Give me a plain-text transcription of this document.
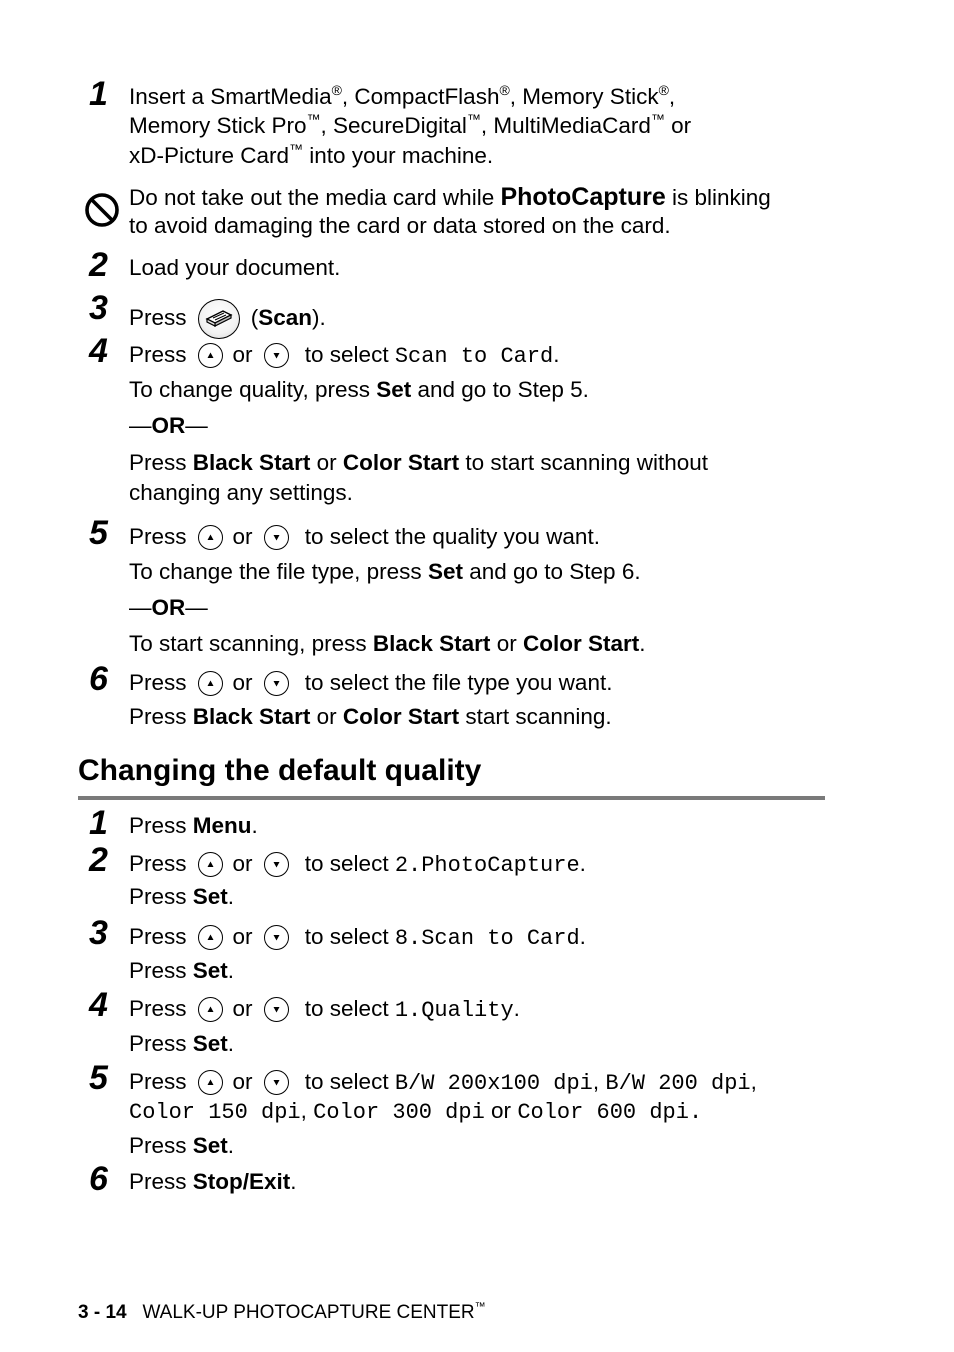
1 Insert a SmartMedia®, CompactFlash®, Memory Stick®,
Memory Stick Pro™, SecureDigital™, MultiMediaCard™ or
xD-Picture Card™ into your machine.
Do not take out the media card while PhotoCapture is blinking
to avoid damaging the card or data stored on the card.
2 Load your document.
3 Press	(Scan).
4 Press or
to select Scan to Card.
To change quality, press Set and go to Step 5.
—OR—
Press Black Start or Color Start to start scanning without
changing any settings.
5 Press or
to select the quality you want.
To change the file type, press Set and go to Step 6.
—OR—
To start scanning, press Black Start or Color Start.
6 Press or
to select the file type you want.
Press Black Start or Color Start start scanning.
Changing the default quality
1 Press Menu.
2 Press or
to select 2.PhotoCapture.
Press Set.
3 Press or
to select 8.Scan to Card.
Press Set.
4 Press or
to select 1.Quality.
Press Set.
5 Press or
to select B/W 200x100 dpi, B/W 200 dpi,
Color 150 dpi, Color 300 dpi or Color 600 dpi.
Press Set.
6 Press Stop/Exit.
3 - 14 WALK-UP PHOTOCAPTURE CENTER™
